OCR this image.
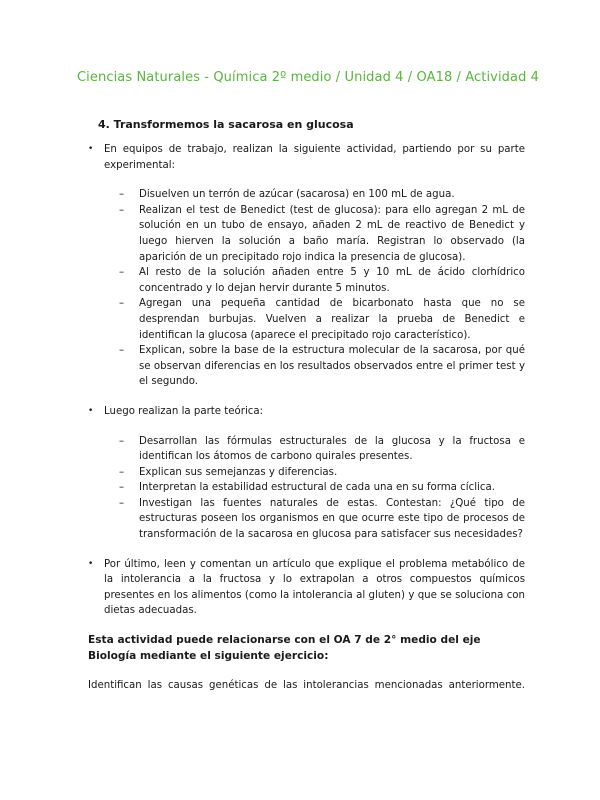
Ciencias Naturales - Química 2º medio / Unidad 4 / OA18 / Actividad 4
4. Transformemos la sacarosa en glucosa
• En equipos de trabajo, realizan la siguiente actividad, partiendo por su parte experimental:
– Disuelven un terrón de azúcar (sacarosa) en 100 mL de agua.
– Realizan el test de Benedict (test de glucosa): para ello agregan 2 mL de solución en un tubo de ensayo, añaden 2 mL de reactivo de Benedict y luego hierven la solución a baño maría. Registran lo observado (la aparición de un precipitado rojo indica la presencia de glucosa).
– Al resto de la solución añaden entre 5 y 10 mL de ácido clorhídrico concentrado y lo dejan hervir durante 5 minutos.
– Agregan una pequeña cantidad de bicarbonato hasta que no se desprendan burbujas. Vuelven a realizar la prueba de Benedict e identifican la glucosa (aparece el precipitado rojo característico).
– Explican, sobre la base de la estructura molecular de la sacarosa, por qué se observan diferencias en los resultados observados entre el primer test y el segundo.
• Luego realizan la parte teórica:
– Desarrollan las fórmulas estructurales de la glucosa y la fructosa e identifican los átomos de carbono quirales presentes.
– Explican sus semejanzas y diferencias.
– Interpretan la estabilidad estructural de cada una en su forma cíclica.
– Investigan las fuentes naturales de estas. Contestan: ¿Qué tipo de estructuras poseen los organismos en que ocurre este tipo de procesos de transformación de la sacarosa en glucosa para satisfacer sus necesidades?
• Por último, leen y comentan un artículo que explique el problema metabólico de la intolerancia a la fructosa y lo extrapolan a otros compuestos químicos presentes en los alimentos (como la intolerancia al gluten) y que se soluciona con dietas adecuadas.
Esta actividad puede relacionarse con el OA 7 de 2° medio del eje Biología mediante el siguiente ejercicio:
Identifican las causas genéticas de las intolerancias mencionadas anteriormente.
